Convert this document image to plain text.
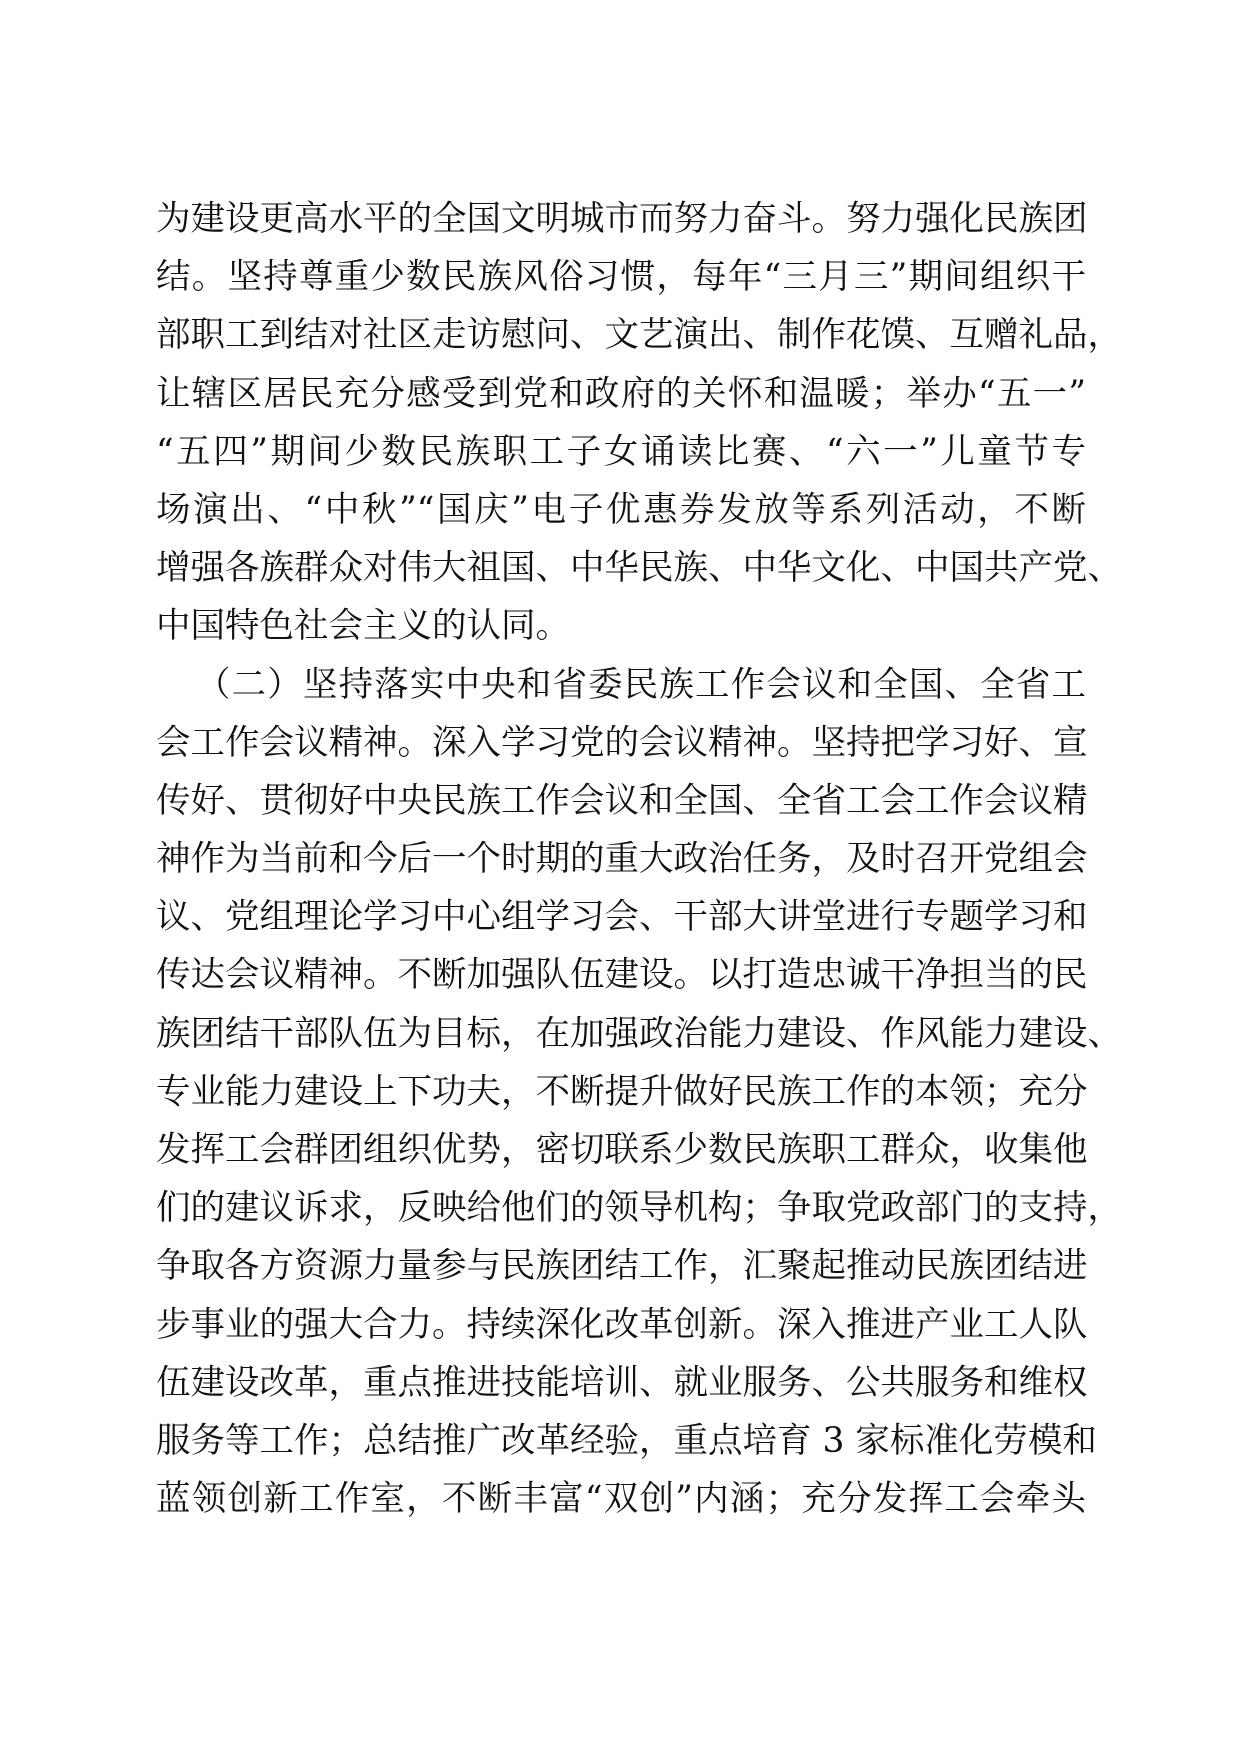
为建设更高水平的全国文明城市而努力奋斗。努力强化民族团
结。坚持尊重少数民族风俗习惯，每年“三月三”期间组织干
部职工到结对社区走访慰问、文艺演出、制作花馍、互赠礼品，
让辖区居民充分感受到党和政府的关怀和温暖；举办“五一”
“五四”期间少数民族职工子女诵读比赛、“六一”儿童节专
场演出、“中秋”“国庆”电子优惠券发放等系列活动，不断
增强各族群众对伟大祖国、中华民族、中华文化、中国共产党、
中国特色社会主义的认同。
（二）坚持落实中央和省委民族工作会议和全国、全省工
会工作会议精神。深入学习党的会议精神。坚持把学习好、宣
传好、贯彻好中央民族工作会议和全国、全省工会工作会议精
神作为当前和今后一个时期的重大政治任务，及时召开党组会
议、党组理论学习中心组学习会、干部大讲堂进行专题学习和
传达会议精神。不断加强队伍建设。以打造忠诚干净担当的民
族团结干部队伍为目标，在加强政治能力建设、作风能力建设、
专业能力建设上下功夫，不断提升做好民族工作的本领；充分
发挥工会群团组织优势，密切联系少数民族职工群众，收集他
们的建议诉求，反映给他们的领导机构；争取党政部门的支持，
争取各方资源力量参与民族团结工作，汇聚起推动民族团结进
步事业的强大合力。持续深化改革创新。深入推进产业工人队
伍建设改革，重点推进技能培训、就业服务、公共服务和维权
服务等工作；总结推广改革经验，重点培育 3 家标准化劳模和
蓝领创新工作室，不断丰富“双创”内涵；充分发挥工会牵头
